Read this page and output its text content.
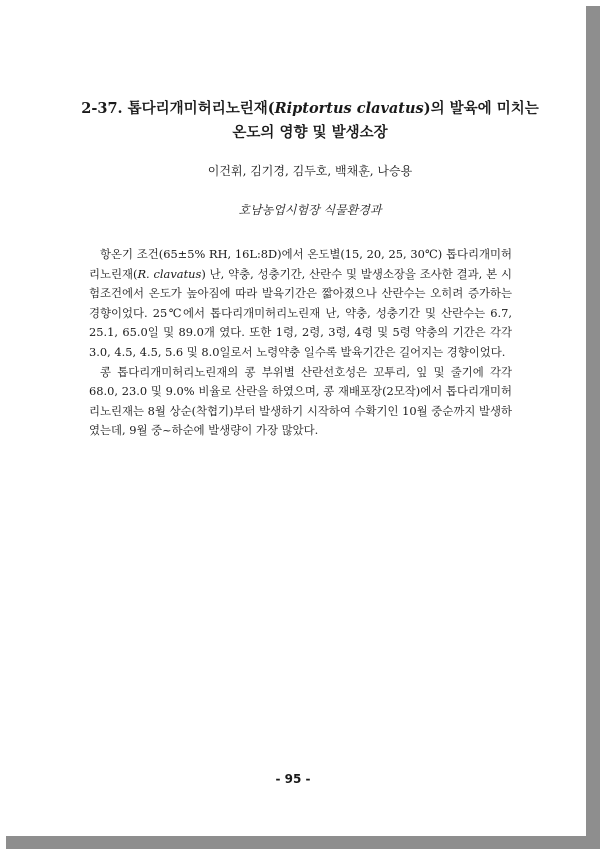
2-37. 톱다리개미허리노린재(Riptortus clavatus)의 발육에 미치는
온도의 영향 및 발생소장

이건휘, 김기경, 김두호, 백채훈, 나승용

호남농업시험장 식물환경과

항온기 조건(65±5% RH, 16L:8D)에서 온도별(15, 20, 25, 30℃) 톱다리개미허리노린재(R. clavatus) 난, 약충, 성충기간, 산란수 및 발생소장을 조사한 결과, 본 시험조건에서 온도가 높아짐에 따라 발육기간은 짧아졌으나 산란수는 오히려 증가하는 경향이었다. 25℃에서 톱다리개미허리노린재 난, 약충, 성충기간 및 산란수는 6.7, 25.1, 65.0일 및 89.0개 였다. 또한 1령, 2령, 3령, 4령 및 5령 약충의 기간은 각각 3.0, 4.5, 4.5, 5.6 및 8.0일로서 노령약충 일수록 발육기간은 길어지는 경향이었다.

콩 톱다리개미허리노린재의 콩 부위별 산란선호성은 꼬투리, 잎 및 줄기에 각각 68.0, 23.0 및 9.0% 비율로 산란을 하였으며, 콩 재배포장(2모작)에서 톱다리개미허리노린재는 8월 상순(착협기)부터 발생하기 시작하여 수확기인 10월 중순까지 발생하였는데, 9월 중~하순에 발생량이 가장 많았다.

- 95 -
